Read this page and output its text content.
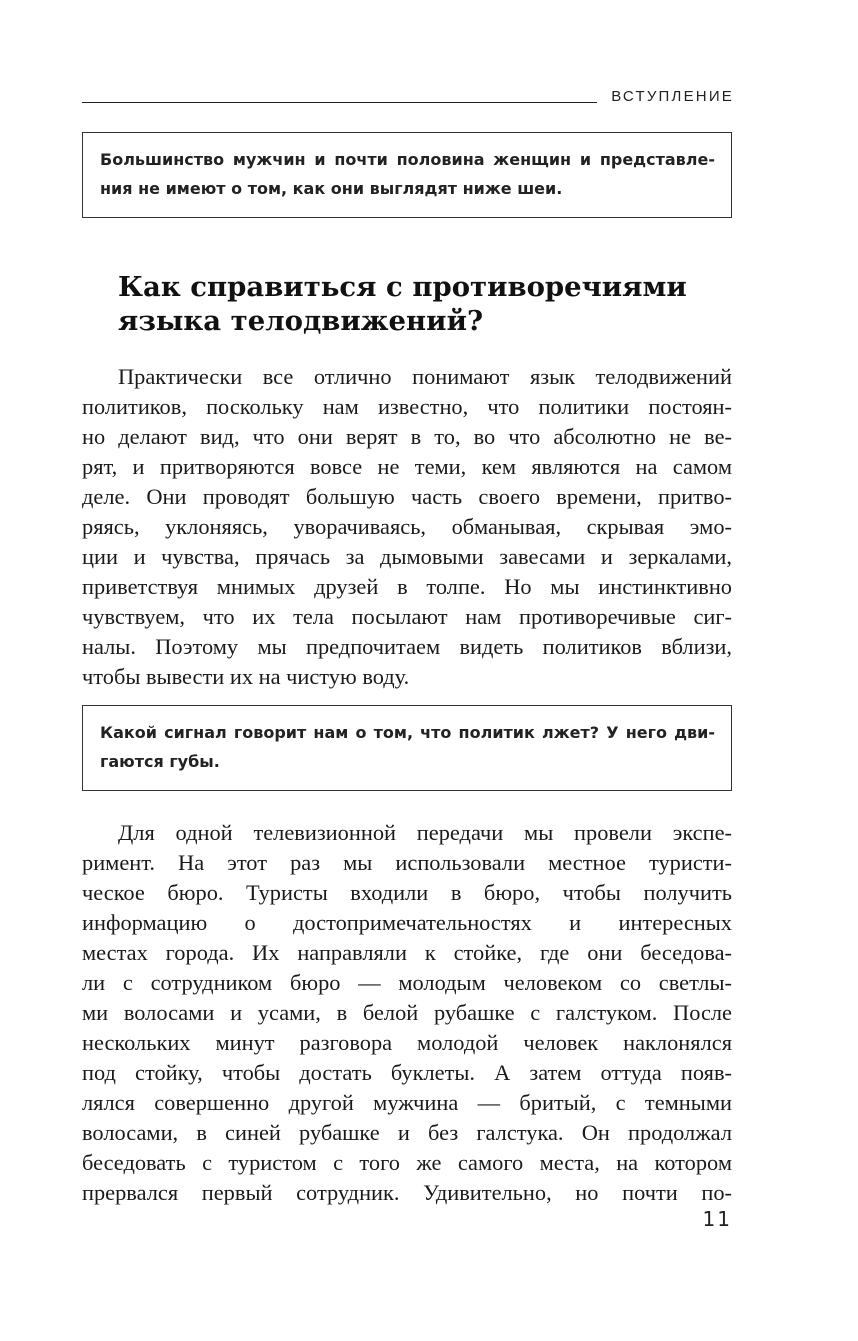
ВСТУПЛЕНИЕ
Большинство мужчин и почти половина женщин и представле-
ния не имеют о том, как они выглядят ниже шеи.
Как справиться с противоречиями
языка телодвижений?
Практически все отлично понимают язык телодвижений
политиков, поскольку нам известно, что политики постоян-
но делают вид, что они верят в то, во что абсолютно не ве-
рят, и притворяются вовсе не теми, кем являются на самом
деле. Они проводят большую часть своего времени, притво-
ряясь, уклоняясь, уворачиваясь, обманывая, скрывая эмо-
ции и чувства, прячась за дымовыми завесами и зеркалами,
приветствуя мнимых друзей в толпе. Но мы инстинктивно
чувствуем, что их тела посылают нам противоречивые сиг-
налы. Поэтому мы предпочитаем видеть политиков вблизи,
чтобы вывести их на чистую воду.
Какой сигнал говорит нам о том, что политик лжет? У него дви-
гаются губы.
Для одной телевизионной передачи мы провели экспе-
римент. На этот раз мы использовали местное туристи-
ческое бюро. Туристы входили в бюро, чтобы получить
информацию о достопримечательностях и интересных
местах города. Их направляли к стойке, где они беседова-
ли с сотрудником бюро — молодым человеком со светлы-
ми волосами и усами, в белой рубашке с галстуком. После
нескольких минут разговора молодой человек наклонялся
под стойку, чтобы достать буклеты. А затем оттуда появ-
лялся совершенно другой мужчина — бритый, с темными
волосами, в синей рубашке и без галстука. Он продолжал
беседовать с туристом с того же самого места, на котором
прервался первый сотрудник. Удивительно, но почти по-
11
